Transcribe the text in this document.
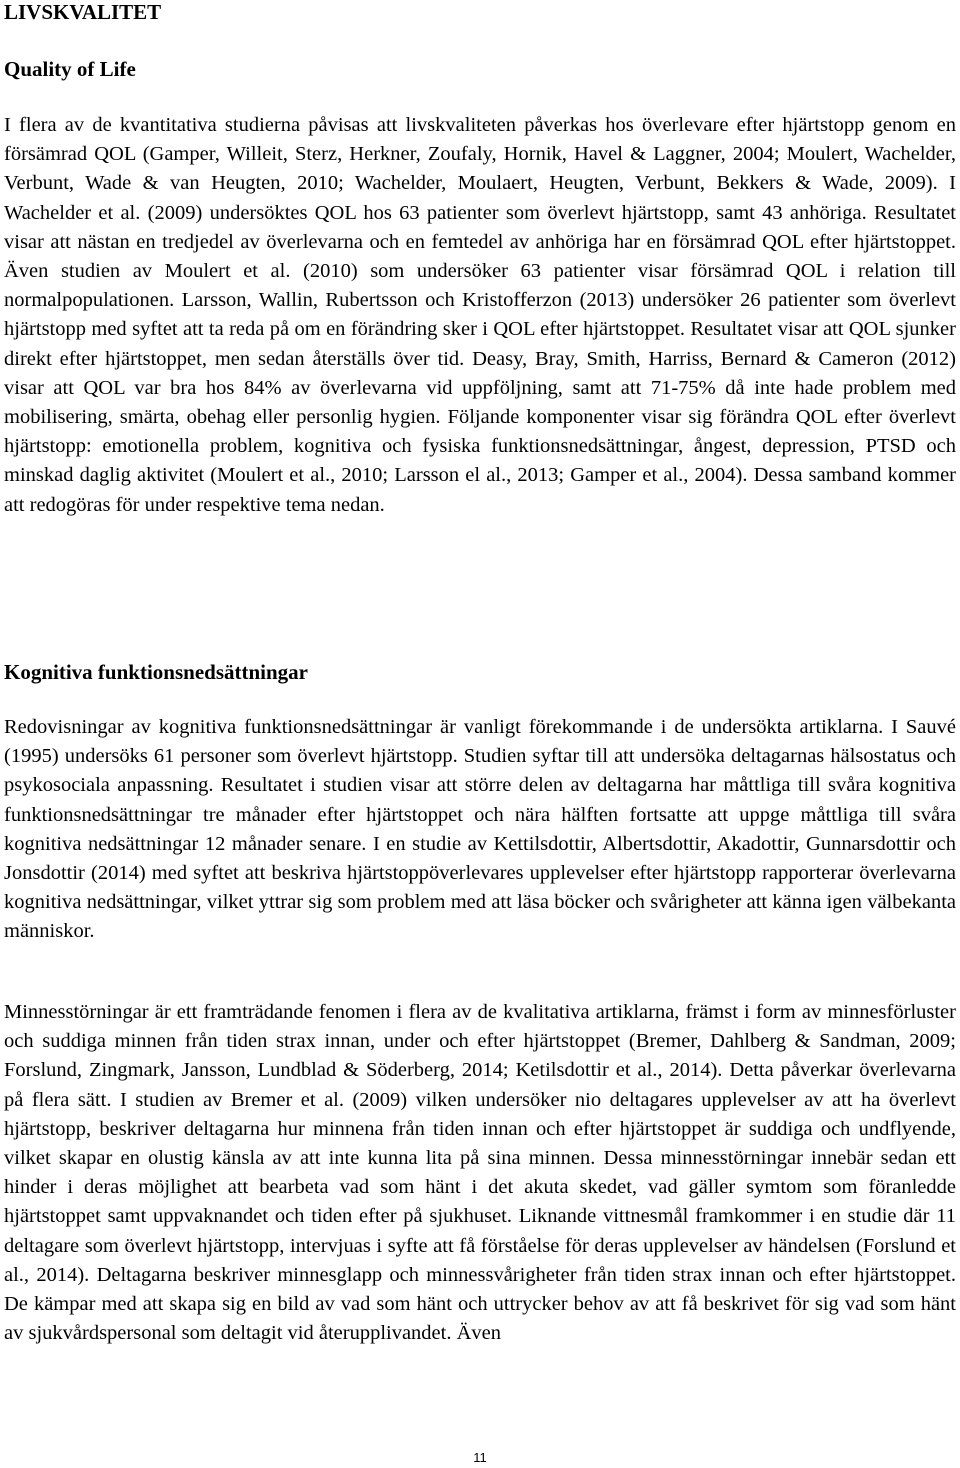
LIVSKVALITET
Quality of Life

I flera av de kvantitativa studierna påvisas att livskvaliteten påverkas hos överlevare efter hjärtstopp genom en försämrad QOL (Gamper, Willeit, Sterz, Herkner, Zoufaly, Hornik, Havel & Laggner, 2004; Moulert, Wachelder, Verbunt, Wade & van Heugten, 2010; Wachelder, Moulaert, Heugten, Verbunt, Bekkers & Wade, 2009). I Wachelder et al. (2009) undersöktes QOL hos 63 patienter som överlevt hjärtstopp, samt 43 anhöriga. Resultatet visar att nästan en tredjedel av överlevarna och en femtedel av anhöriga har en försämrad QOL efter hjärtstoppet. Även studien av Moulert et al. (2010) som undersöker 63 patienter visar försämrad QOL i relation till normalpopulationen. Larsson, Wallin, Rubertsson och Kristofferzon (2013) undersöker 26 patienter som överlevt hjärtstopp med syftet att ta reda på om en förändring sker i QOL efter hjärtstoppet. Resultatet visar att QOL sjunker direkt efter hjärtstoppet, men sedan återställs över tid. Deasy, Bray, Smith, Harriss, Bernard & Cameron (2012) visar att QOL var bra hos 84% av överlevarna vid uppföljning, samt att 71-75% då inte hade problem med mobilisering, smärta, obehag eller personlig hygien. Följande komponenter visar sig förändra QOL efter överlevt hjärtstopp: emotionella problem, kognitiva och fysiska funktionsnedsättningar, ångest, depression, PTSD och minskad daglig aktivitet (Moulert et al., 2010; Larsson el al., 2013; Gamper et al., 2004). Dessa samband kommer att redogöras för under respektive tema nedan.

Kognitiva funktionsnedsättningar

Redovisningar av kognitiva funktionsnedsättningar är vanligt förekommande i de undersökta artiklarna. I Sauvé (1995) undersöks 61 personer som överlevt hjärtstopp. Studien syftar till att undersöka deltagarnas hälsostatus och psykosociala anpassning. Resultatet i studien visar att större delen av deltagarna har måttliga till svåra kognitiva funktionsnedsättningar tre månader efter hjärtstoppet och nära hälften fortsatte att uppge måttliga till svåra kognitiva nedsättningar 12 månader senare. I en studie av Kettilsdottir, Albertsdottir, Akadottir, Gunnarsdottir och Jonsdottir (2014) med syftet att beskriva hjärtstoppöverlevares upplevelser efter hjärtstopp rapporterar överlevarna kognitiva nedsättningar, vilket yttrar sig som problem med att läsa böcker och svårigheter att känna igen välbekanta människor.

Minnesstörningar är ett framträdande fenomen i flera av de kvalitativa artiklarna, främst i form av minnesförluster och suddiga minnen från tiden strax innan, under och efter hjärtstoppet (Bremer, Dahlberg & Sandman, 2009; Forslund, Zingmark, Jansson, Lundblad & Söderberg, 2014; Ketilsdottir et al., 2014). Detta påverkar överlevarna på flera sätt. I studien av Bremer et al. (2009) vilken undersöker nio deltagares upplevelser av att ha överlevt hjärtstopp, beskriver deltagarna hur minnena från tiden innan och efter hjärtstoppet är suddiga och undflyende, vilket skapar en olustig känsla av att inte kunna lita på sina minnen. Dessa minnesstörningar innebär sedan ett hinder i deras möjlighet att bearbeta vad som hänt i det akuta skedet, vad gäller symtom som föranledde hjärtstoppet samt uppvaknandet och tiden efter på sjukhuset. Liknande vittnesmål framkommer i en studie där 11 deltagare som överlevt hjärtstopp, intervjuas i syfte att få förståelse för deras upplevelser av händelsen (Forslund et al., 2014). Deltagarna beskriver minnesglapp och minnessvårigheter från tiden strax innan och efter hjärtstoppet. De kämpar med att skapa sig en bild av vad som hänt och uttrycker behov av att få beskrivet för sig vad som hänt av sjukvårdspersonal som deltagit vid återupplivandet. Även

11
